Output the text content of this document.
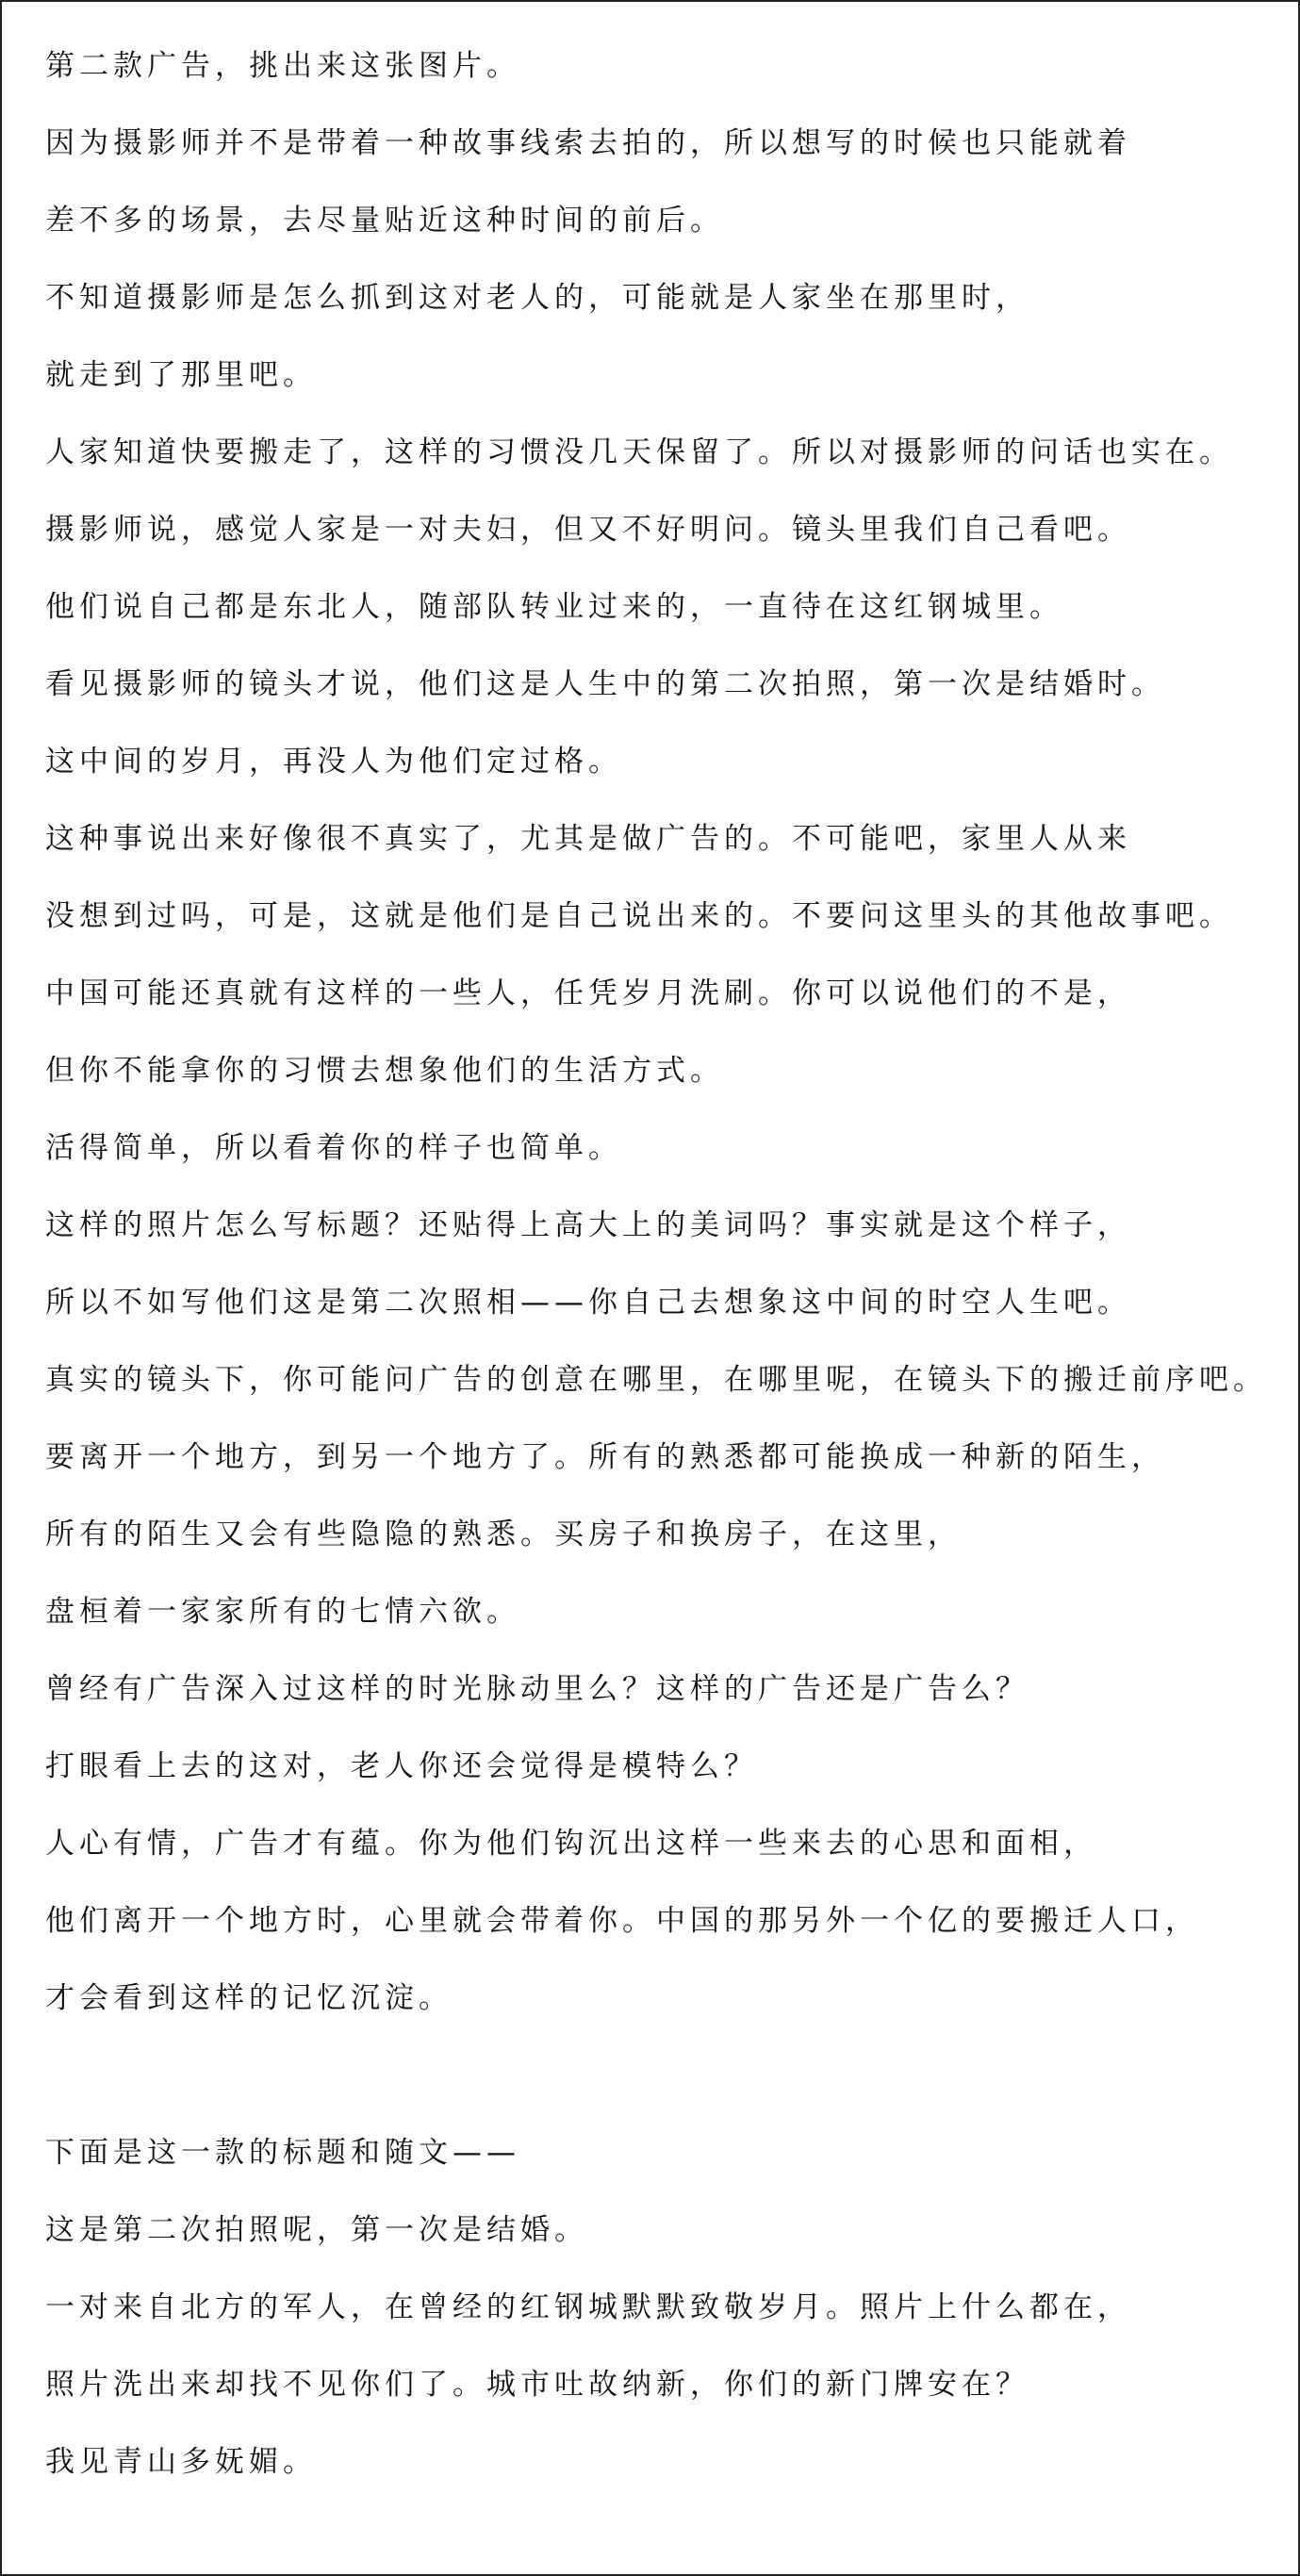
第二款广告，挑出来这张图片。
因为摄影师并不是带着一种故事线索去拍的，所以想写的时候也只能就着
差不多的场景，去尽量贴近这种时间的前后。
不知道摄影师是怎么抓到这对老人的，可能就是人家坐在那里时，
就走到了那里吧。
人家知道快要搬走了，这样的习惯没几天保留了。所以对摄影师的问话也实在。
摄影师说，感觉人家是一对夫妇，但又不好明问。镜头里我们自己看吧。
他们说自己都是东北人，随部队转业过来的，一直待在这红钢城里。
看见摄影师的镜头才说，他们这是人生中的第二次拍照，第一次是结婚时。
这中间的岁月，再没人为他们定过格。
这种事说出来好像很不真实了，尤其是做广告的。不可能吧，家里人从来
没想到过吗，可是，这就是他们是自己说出来的。不要问这里头的其他故事吧。
中国可能还真就有这样的一些人，任凭岁月洗刷。你可以说他们的不是，
但你不能拿你的习惯去想象他们的生活方式。
活得简单，所以看着你的样子也简单。
这样的照片怎么写标题？还贴得上高大上的美词吗？事实就是这个样子，
所以不如写他们这是第二次照相——你自己去想象这中间的时空人生吧。
真实的镜头下，你可能问广告的创意在哪里，在哪里呢，在镜头下的搬迁前序吧。
要离开一个地方，到另一个地方了。所有的熟悉都可能换成一种新的陌生，
所有的陌生又会有些隐隐的熟悉。买房子和换房子，在这里，
盘桓着一家家所有的七情六欲。
曾经有广告深入过这样的时光脉动里么？这样的广告还是广告么？
打眼看上去的这对，老人你还会觉得是模特么？
人心有情，广告才有蕴。你为他们钩沉出这样一些来去的心思和面相，
他们离开一个地方时，心里就会带着你。中国的那另外一个亿的要搬迁人口，
才会看到这样的记忆沉淀。
下面是这一款的标题和随文——
这是第二次拍照呢，第一次是结婚。
一对来自北方的军人，在曾经的红钢城默默致敬岁月。照片上什么都在，
照片洗出来却找不见你们了。城市吐故纳新，你们的新门牌安在？
我见青山多妩媚。
